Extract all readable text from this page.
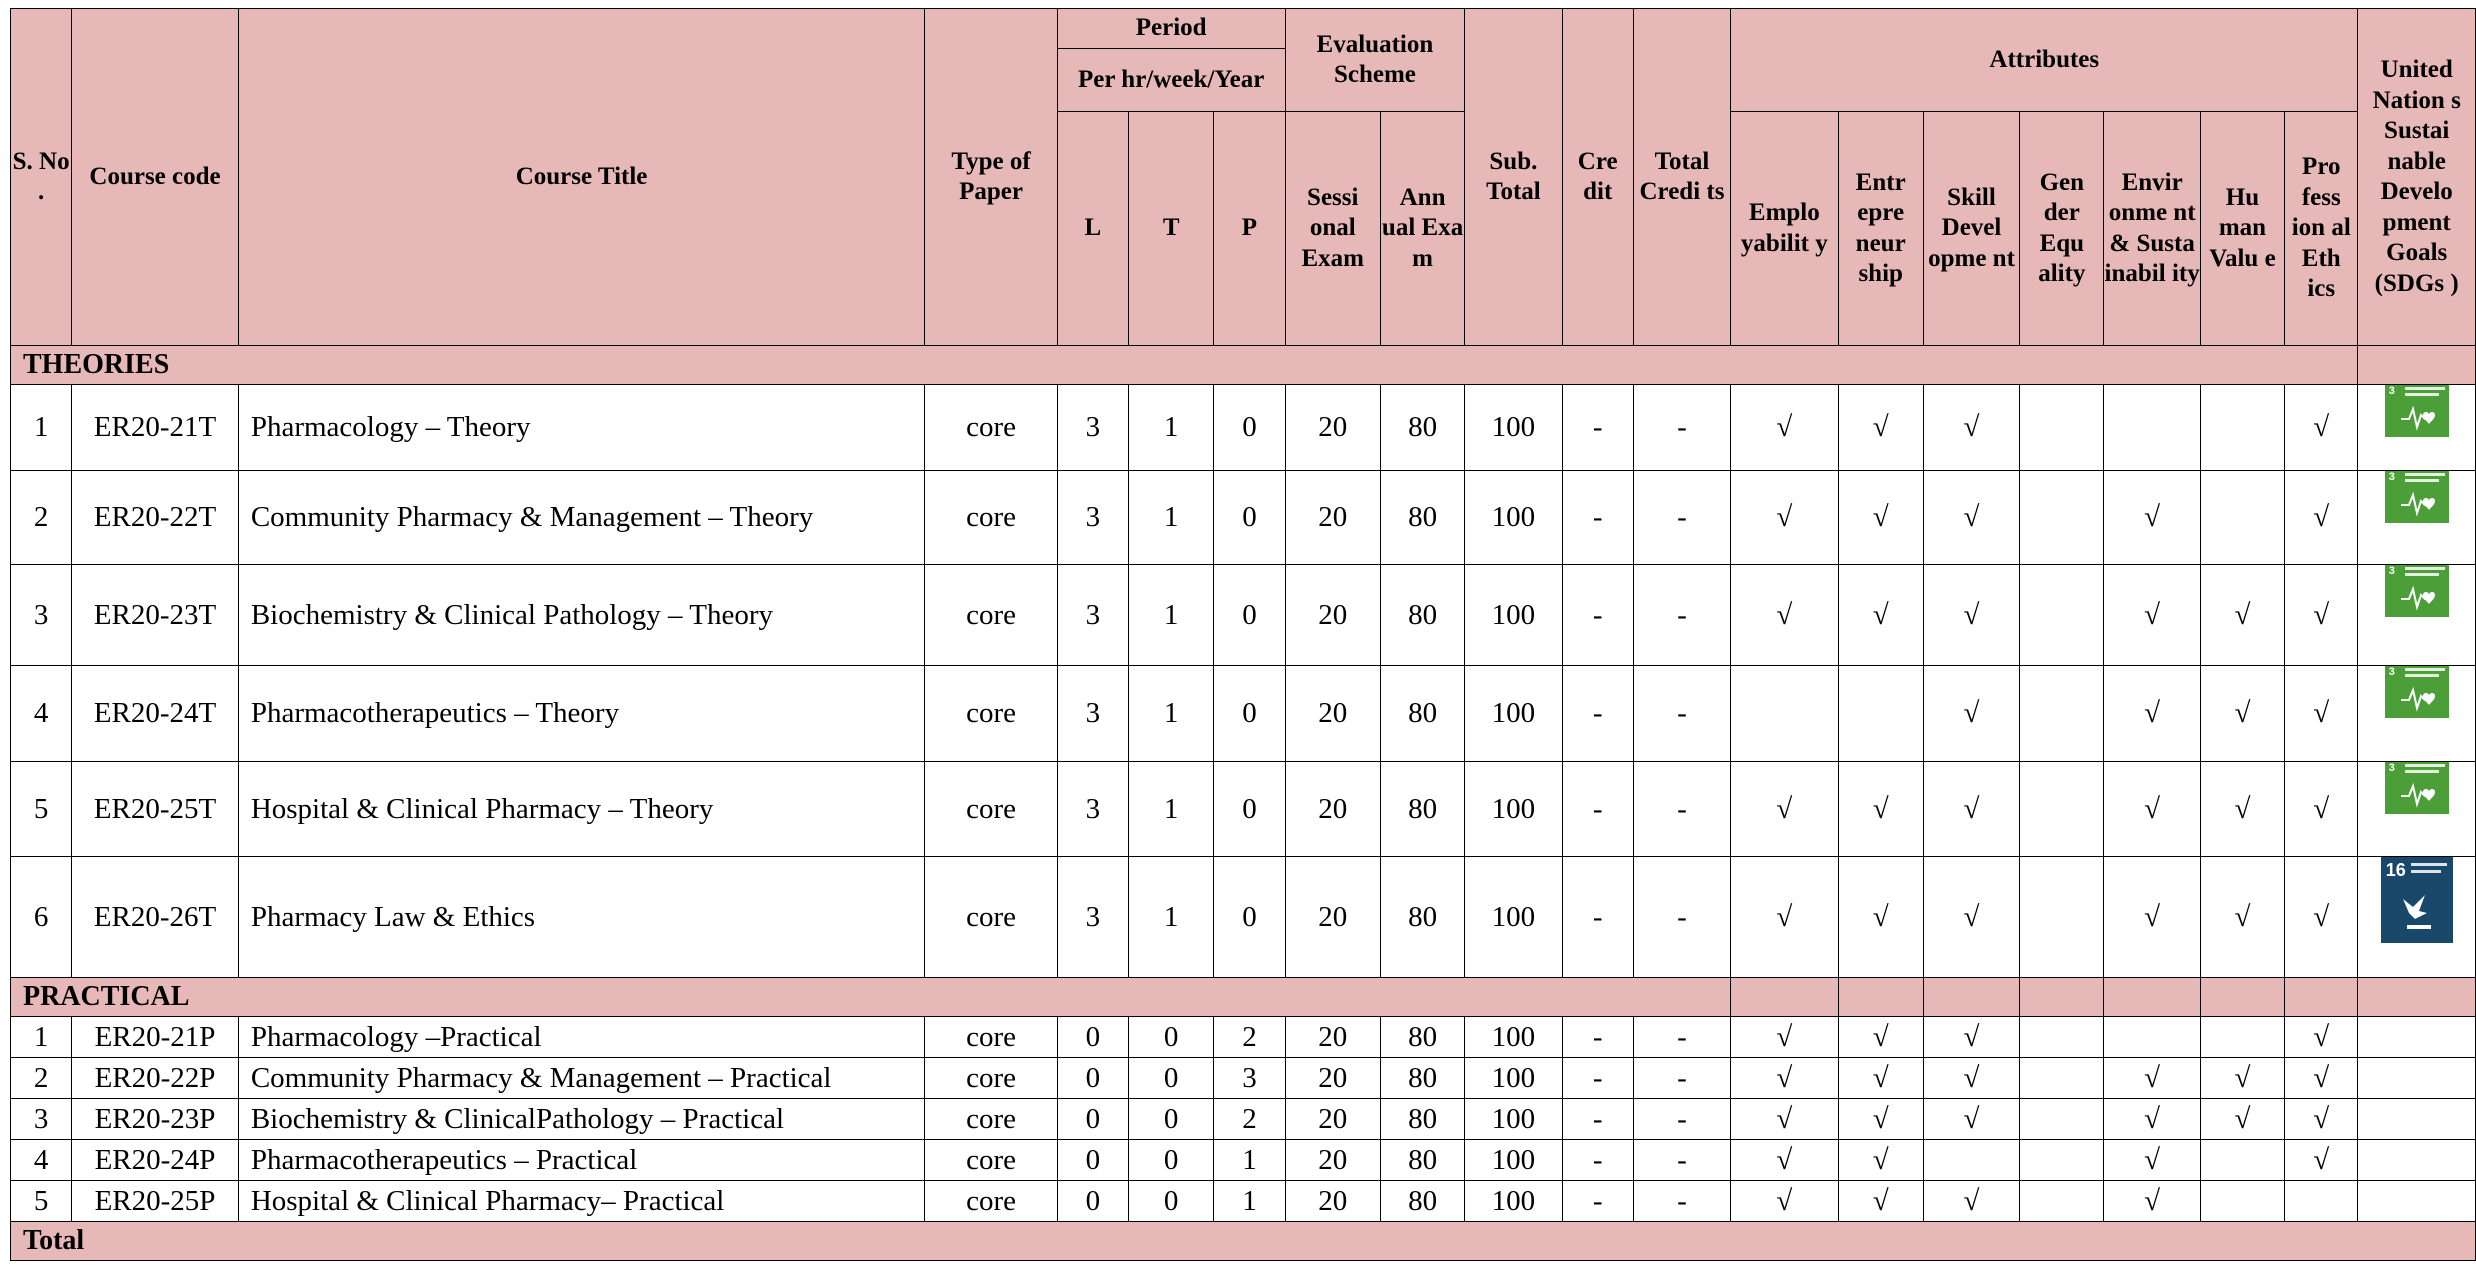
S. No .	Course code	Course Title	Type of Paper	Period			Evaluation Scheme		Sub. Total	Cre dit	Total Credi ts	Attributes							United Nation s Sustai nable Develo pment Goals (SDGs )
				Per hr/week/Year															
				L	T	P	Sessi onal Exam	Ann ual Exa m				Emplo yabilit y	Entr epre neur ship	Skill Devel opme nt	Gen der Equ ality	Envir onme nt & Susta inabil ity	Hu man Valu e	Pro fess ion al Eth ics	
THEORIES																			
1	ER20-21T	Pharmacology – Theory	core	3	1	0	20	80	100	-	-	√	√	√				√	3

2	ER20-22T	Community Pharmacy & Management – Theory	core	3	1	0	20	80	100	-	-	√	√	√		√		√	3

3	ER20-23T	Biochemistry & Clinical Pathology – Theory	core	3	1	0	20	80	100	-	-	√	√	√		√	√	√	3

4	ER20-24T	Pharmacotherapeutics – Theory	core	3	1	0	20	80	100	-	-			√		√	√	√	3

5	ER20-25T	Hospital & Clinical Pharmacy – Theory	core	3	1	0	20	80	100	-	-	√	√	√		√	√	√	3

6	ER20-26T	Pharmacy Law & Ethics	core	3	1	0	20	80	100	-	-	√	√	√		√	√	√	16

PRACTICAL																			
1	ER20-21P	Pharmacology –Practical	core	0	0	2	20	80	100	-	-	√	√	√				√	
2	ER20-22P	Community Pharmacy & Management – Practical	core	0	0	3	20	80	100	-	-	√	√	√		√	√	√	
3	ER20-23P	Biochemistry & ClinicalPathology – Practical	core	0	0	2	20	80	100	-	-	√	√	√		√	√	√	
4	ER20-24P	Pharmacotherapeutics – Practical	core	0	0	1	20	80	100	-	-	√	√			√		√	
5	ER20-25P	Hospital & Clinical Pharmacy– Practical	core	0	0	1	20	80	100	-	-	√	√	√		√			
Total																			
